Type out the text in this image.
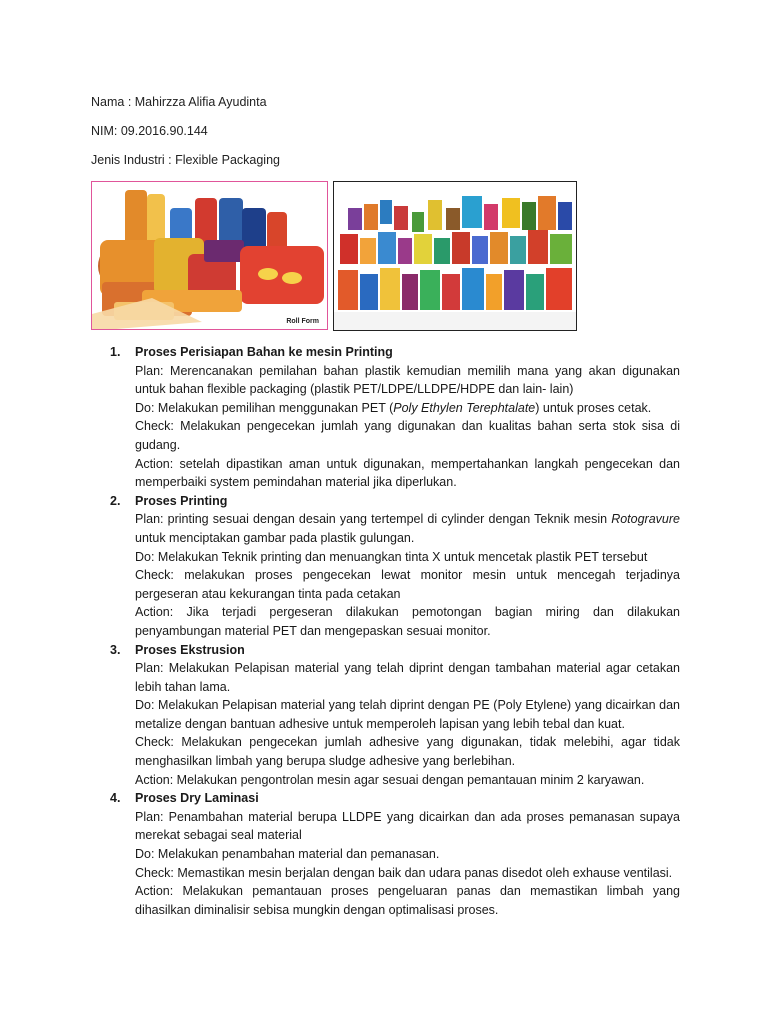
Nama : Mahirzza Alifia Ayudinta
NIM: 09.2016.90.144
Jenis Industri : Flexible Packaging
Roll Form
1. Proses Perisiapan Bahan ke mesin Printing
Plan: Merencanakan pemilahan bahan plastik kemudian memilih mana yang akan digunakan untuk bahan flexible packaging (plastik PET/LDPE/LLDPE/HDPE dan lain- lain)
Do: Melakukan pemilihan menggunakan PET (Poly Ethylen Terephtalate) untuk proses cetak.
Check: Melakukan pengecekan jumlah yang digunakan dan kualitas bahan serta stok sisa di gudang.
Action: setelah dipastikan aman untuk digunakan, mempertahankan langkah pengecekan dan memperbaiki system pemindahan material jika diperlukan.
2. Proses Printing
Plan: printing sesuai dengan desain yang tertempel di cylinder dengan Teknik mesin Rotogravure untuk menciptakan gambar pada plastik gulungan.
Do: Melakukan Teknik printing dan menuangkan tinta X untuk mencetak plastik PET tersebut
Check: melakukan proses pengecekan lewat monitor mesin untuk mencegah terjadinya pergeseran atau kekurangan tinta pada cetakan
Action: Jika terjadi pergeseran dilakukan pemotongan bagian miring dan dilakukan penyambungan material PET dan mengepaskan sesuai monitor.
3. Proses Ekstrusion
Plan: Melakukan Pelapisan material yang telah diprint dengan tambahan material agar cetakan lebih tahan lama.
Do: Melakukan Pelapisan material yang telah diprint dengan PE (Poly Etylene) yang dicairkan dan metalize dengan bantuan adhesive untuk memperoleh lapisan yang lebih tebal dan kuat.
Check: Melakukan pengecekan jumlah adhesive yang digunakan, tidak melebihi, agar tidak menghasilkan limbah yang berupa sludge adhesive yang berlebihan.
Action: Melakukan pengontrolan mesin agar sesuai dengan pemantauan minim 2 karyawan.
4. Proses Dry Laminasi
Plan: Penambahan material berupa LLDPE yang dicairkan dan ada proses pemanasan supaya merekat sebagai seal material
Do: Melakukan penambahan material dan pemanasan.
Check: Memastikan mesin berjalan dengan baik dan udara panas disedot oleh exhause ventilasi.
Action: Melakukan pemantauan proses pengeluaran panas dan memastikan limbah yang dihasilkan diminalisir sebisa mungkin dengan optimalisasi proses.
